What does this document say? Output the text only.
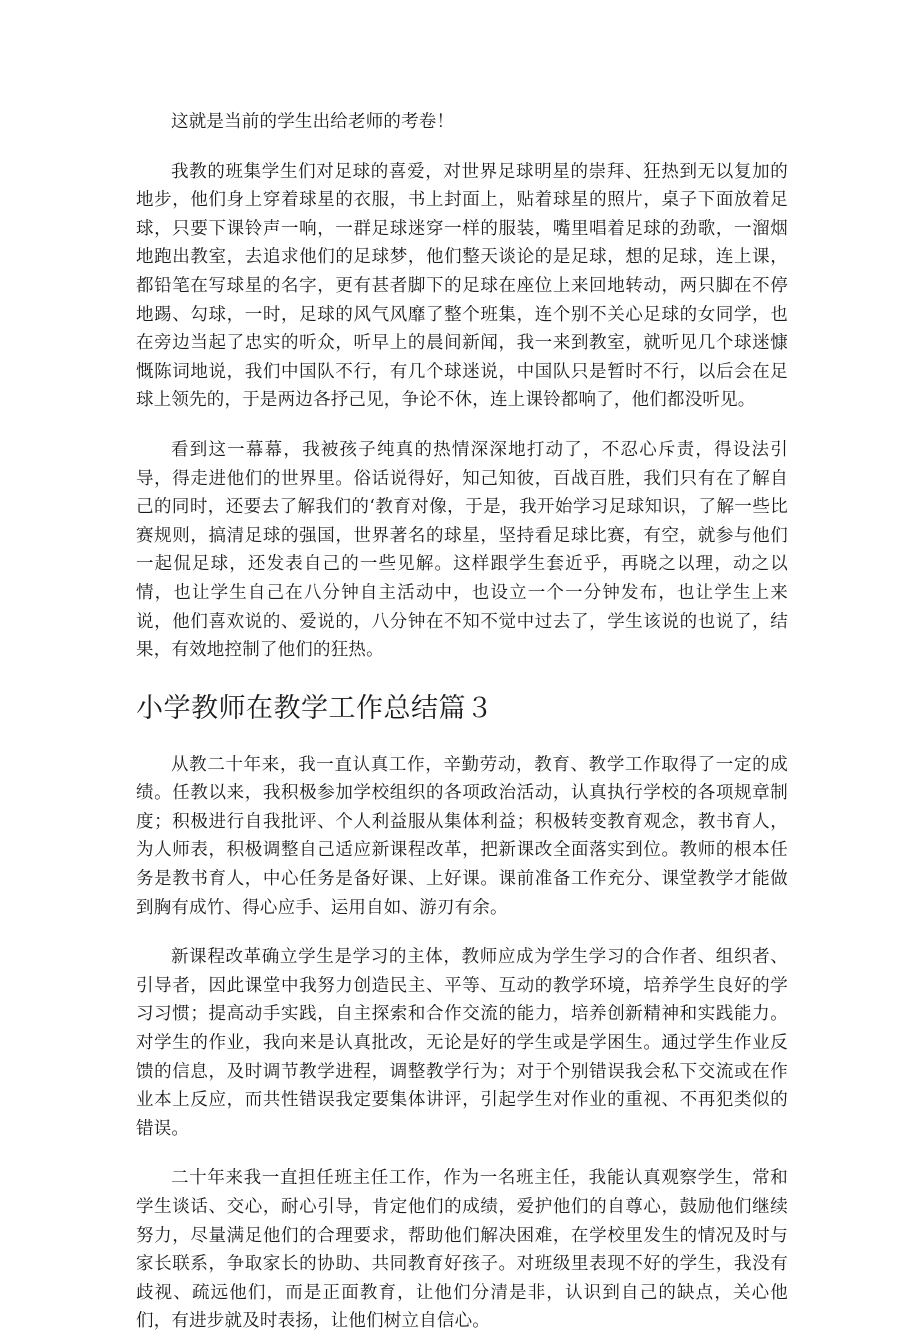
这就是当前的学生出给老师的考卷！

我教的班集学生们对足球的喜爱，对世界足球明星的崇拜、狂热到无以复加的地步，他们身上穿着球星的衣服，书上封面上，贴着球星的照片，桌子下面放着足球，只要下课铃声一响，一群足球迷穿一样的服装，嘴里唱着足球的劲歌，一溜烟地跑出教室，去追求他们的足球梦，他们整天谈论的是足球，想的足球，连上课，都铅笔在写球星的名字，更有甚者脚下的足球在座位上来回地转动，两只脚在不停地踢、勾球，一时，足球的风气风靡了整个班集，连个别不关心足球的女同学，也在旁边当起了忠实的听众，听早上的晨间新闻，我一来到教室，就听见几个球迷慷慨陈词地说，我们中国队不行，有几个球迷说，中国队只是暂时不行，以后会在足球上领先的，于是两边各抒己见，争论不休，连上课铃都响了，他们都没听见。

看到这一幕幕，我被孩子纯真的热情深深地打动了，不忍心斥责，得设法引导，得走进他们的世界里。俗话说得好，知己知彼，百战百胜，我们只有在了解自己的同时，还要去了解我们的‘教育对像，于是，我开始学习足球知识，了解一些比赛规则，搞清足球的强国，世界著名的球星，坚持看足球比赛，有空，就参与他们一起侃足球，还发表自己的一些见解。这样跟学生套近乎，再晓之以理，动之以情，也让学生自己在八分钟自主活动中，也设立一个一分钟发布，也让学生上来说，他们喜欢说的、爱说的，八分钟在不知不觉中过去了，学生该说的也说了，结果，有效地控制了他们的狂热。

小学教师在教学工作总结篇３

从教二十年来，我一直认真工作，辛勤劳动，教育、教学工作取得了一定的成绩。任教以来，我积极参加学校组织的各项政治活动，认真执行学校的各项规章制度；积极进行自我批评、个人利益服从集体利益；积极转变教育观念，教书育人，为人师表，积极调整自己适应新课程改革，把新课改全面落实到位。教师的根本任务是教书育人，中心任务是备好课、上好课。课前准备工作充分、课堂教学才能做到胸有成竹、得心应手、运用自如、游刃有余。

新课程改革确立学生是学习的主体，教师应成为学生学习的合作者、组织者、引导者，因此课堂中我努力创造民主、平等、互动的教学环境，培养学生良好的学习习惯；提高动手实践，自主探索和合作交流的能力，培养创新精神和实践能力。对学生的作业，我向来是认真批改，无论是好的学生或是学困生。通过学生作业反馈的信息，及时调节教学进程，调整教学行为；对于个别错误我会私下交流或在作业本上反应，而共性错误我定要集体讲评，引起学生对作业的重视、不再犯类似的错误。

二十年来我一直担任班主任工作，作为一名班主任，我能认真观察学生，常和学生谈话、交心，耐心引导，肯定他们的成绩，爱护他们的自尊心，鼓励他们继续努力，尽量满足他们的合理要求，帮助他们解决困难，在学校里发生的情况及时与家长联系，争取家长的协助、共同教育好孩子。对班级里表现不好的学生，我没有歧视、疏远他们，而是正面教育，让他们分清是非，认识到自己的缺点，关心他们，有进步就及时表扬，让他们树立自信心。
